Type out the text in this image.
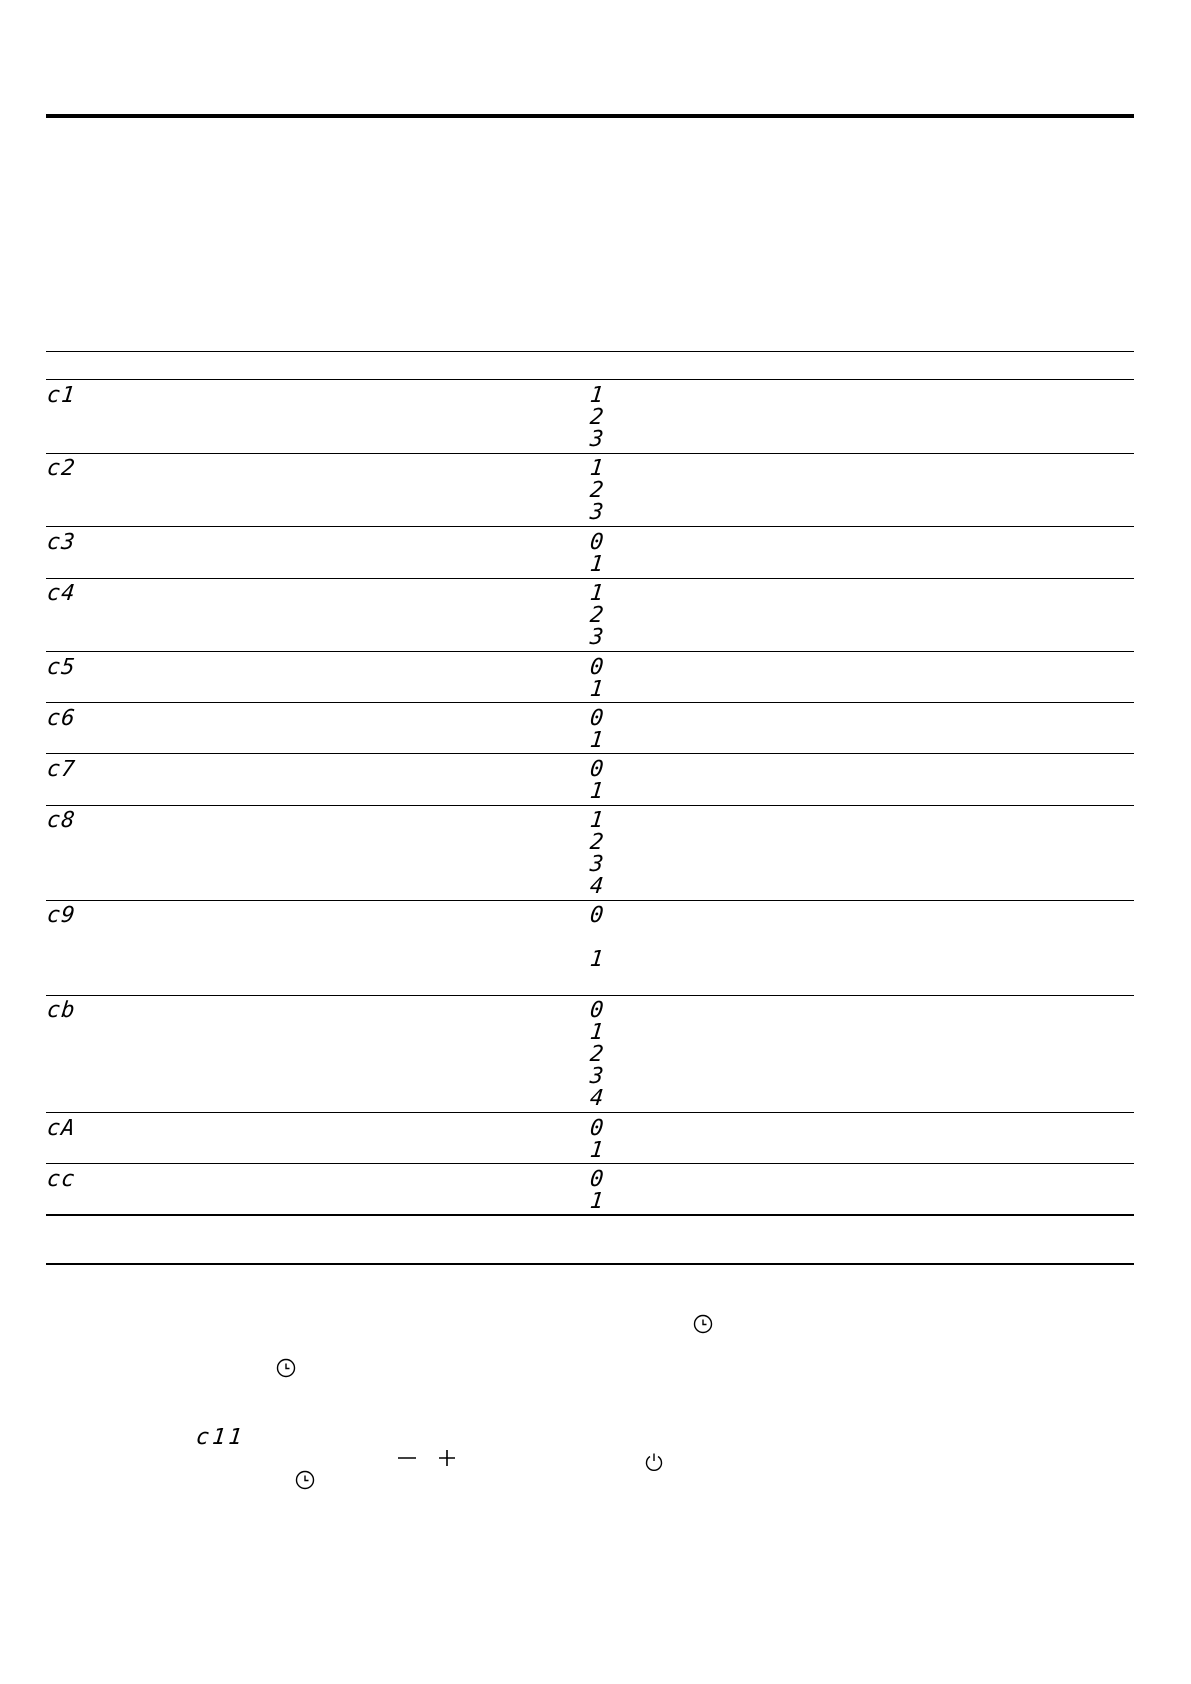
c1	1
2
3
c2	1
2
3
c3	0
1
c4	1
2
3
c5	0
1
c6	0
1
c7	0
1
c8	1
2
3
4
c9	0
1
cb	0
1
2
3
4
cA	0
1
cc	0
1
c11
